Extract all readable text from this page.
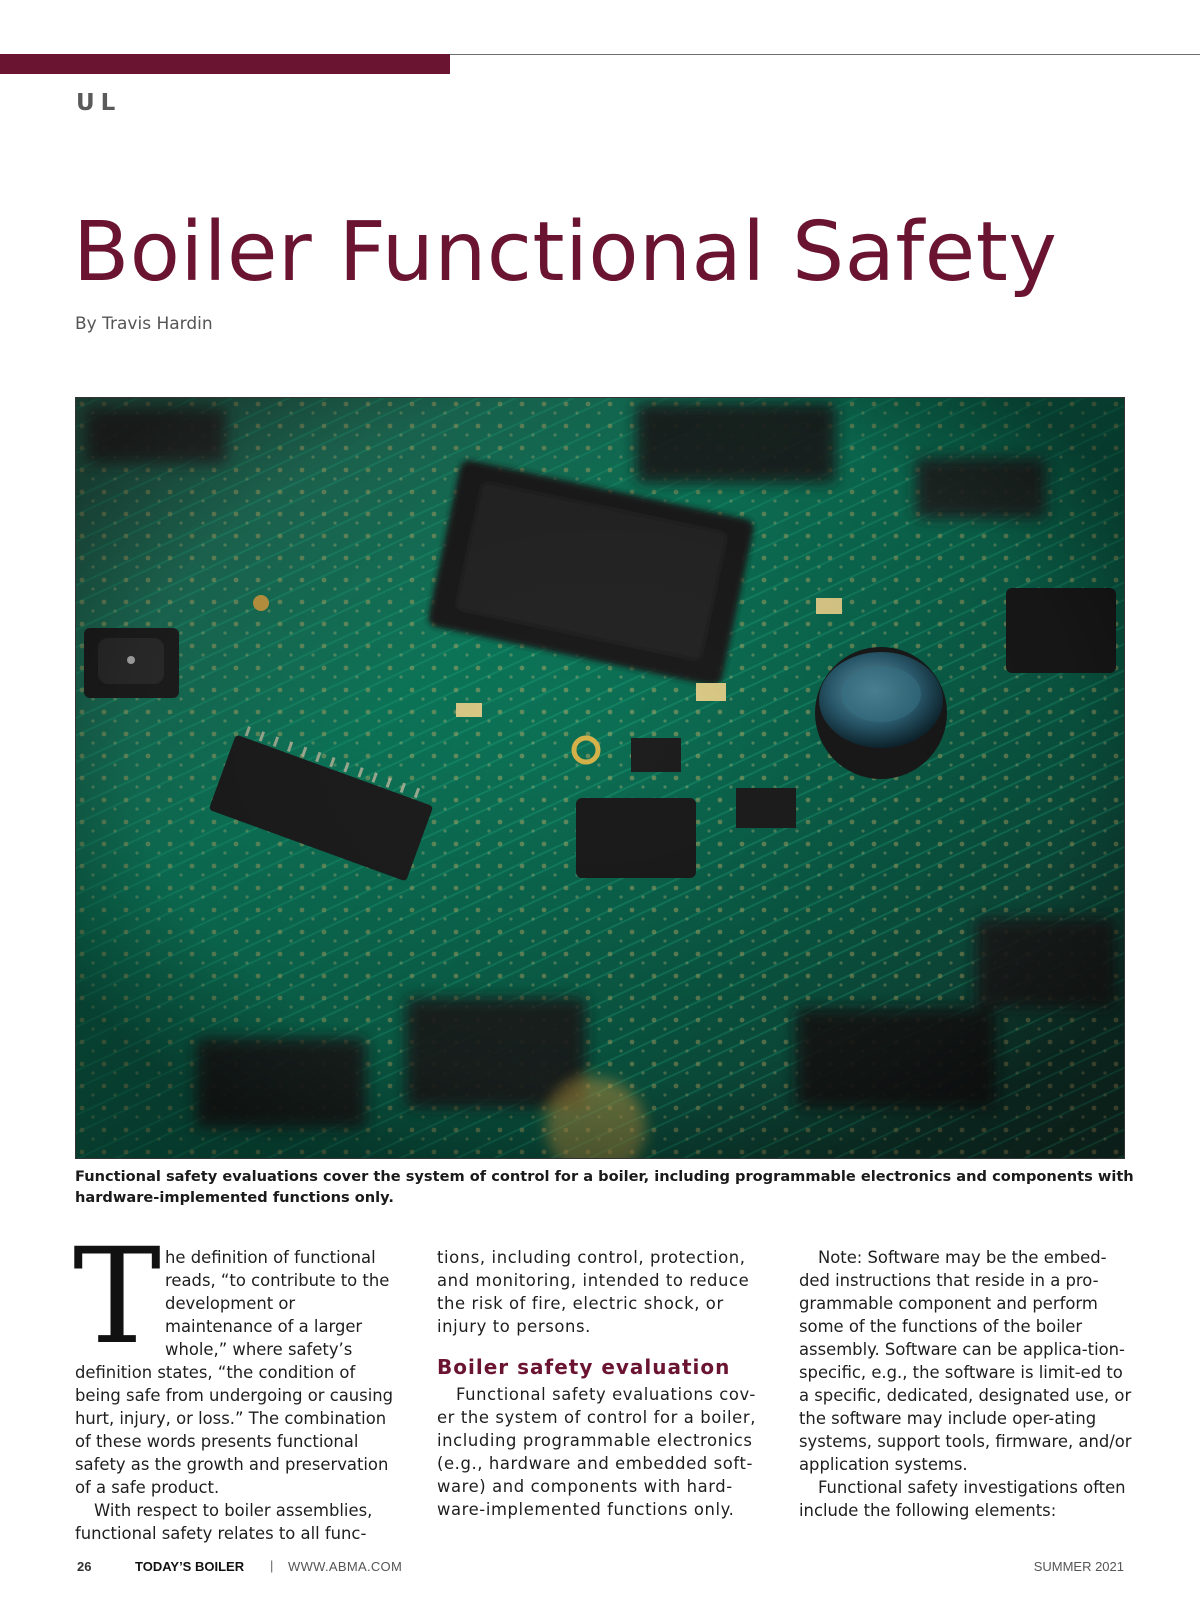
UL
Boiler Functional Safety
By Travis Hardin
Functional safety evaluations cover the system of control for a boiler, including programmable electronics and components with hardware-implemented functions only.

The definition of functional reads, “to contribute to the development or maintenance of a larger whole,” where safety’s definition states, “the condition of being safe from undergoing or causing hurt, injury, or loss.” The combination of these words presents functional safety as the growth and preservation of a safe product.

With respect to boiler assemblies, functional safety relates to all func-

tions, including control, protection, and monitoring, intended to reduce the risk of fire, electric shock, or injury to persons.

Boiler safety evaluation

Functional safety evaluations cov-er the system of control for a boiler, including programmable electronics (e.g., hardware and embedded soft-ware) and components with hard-ware-implemented functions only.

Note: Software may be the embed-ded instructions that reside in a pro-grammable component and perform some of the functions of the boiler assembly. Software can be applica-tion-specific, e.g., the software is limit-ed to a specific, dedicated, designated use, or the software may include oper-ating systems, support tools, firmware, and/or application systems.

Functional safety investigations often include the following elements:

26	TODAY’S BOILER | WWW.ABMA.COM	SUMMER 2021
